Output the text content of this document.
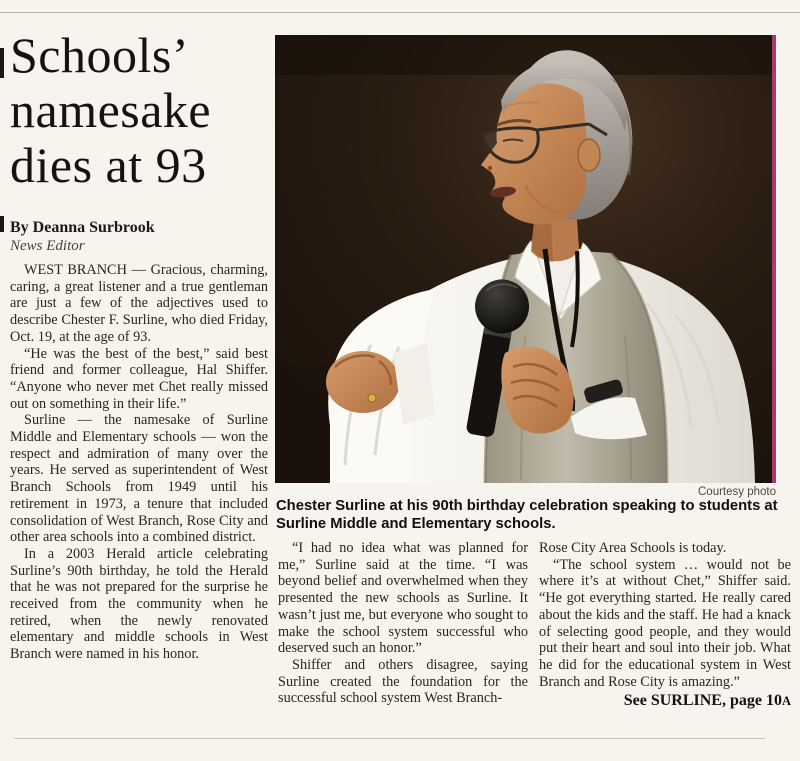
Schools’
namesake
dies at 93
By Deanna Surbrook
News Editor

WEST BRANCH — Gracious, charming, caring, a great listener and a true gentleman are just a few of the adjectives used to describe Chester F. Surline, who died Friday, Oct. 19, at the age of 93.

“He was the best of the best,” said best friend and former colleague, Hal Shiffer. “Anyone who never met Chet really missed out on something in their life.”

Surline — the namesake of Surline Middle and Elementary schools — won the respect and admiration of many over the years. He served as superintendent of West Branch Schools from 1949 until his retirement in 1973, a tenure that included consolidation of West Branch, Rose City and other area schools into a combined district.

In a 2003 Herald article celebrating Surline’s 90th birthday, he told the Herald that he was not prepared for the surprise he received from the community when he retired, when the newly renovated elementary and middle schools in West Branch were named in his honor.

Courtesy photo
Chester Surline at his 90th birthday celebration speaking to students at Surline Middle and Elementary schools.

“I had no idea what was planned for me,” Surline said at the time. “I was beyond belief and overwhelmed when they presented the new schools as Surline. It wasn’t just me, but everyone who sought to make the school system successful who deserved such an honor.”

Shiffer and others disagree, saying Surline created the foundation for the successful school system West Branch-

Rose City Area Schools is today.

“The school system … would not be where it’s at without Chet,” Shiffer said. “He got everything started. He really cared about the kids and the staff. He had a knack of selecting good people, and they would put their heart and soul into their job. What he did for the educational system in West Branch and Rose City is amazing.”

See SURLINE, page 10A
